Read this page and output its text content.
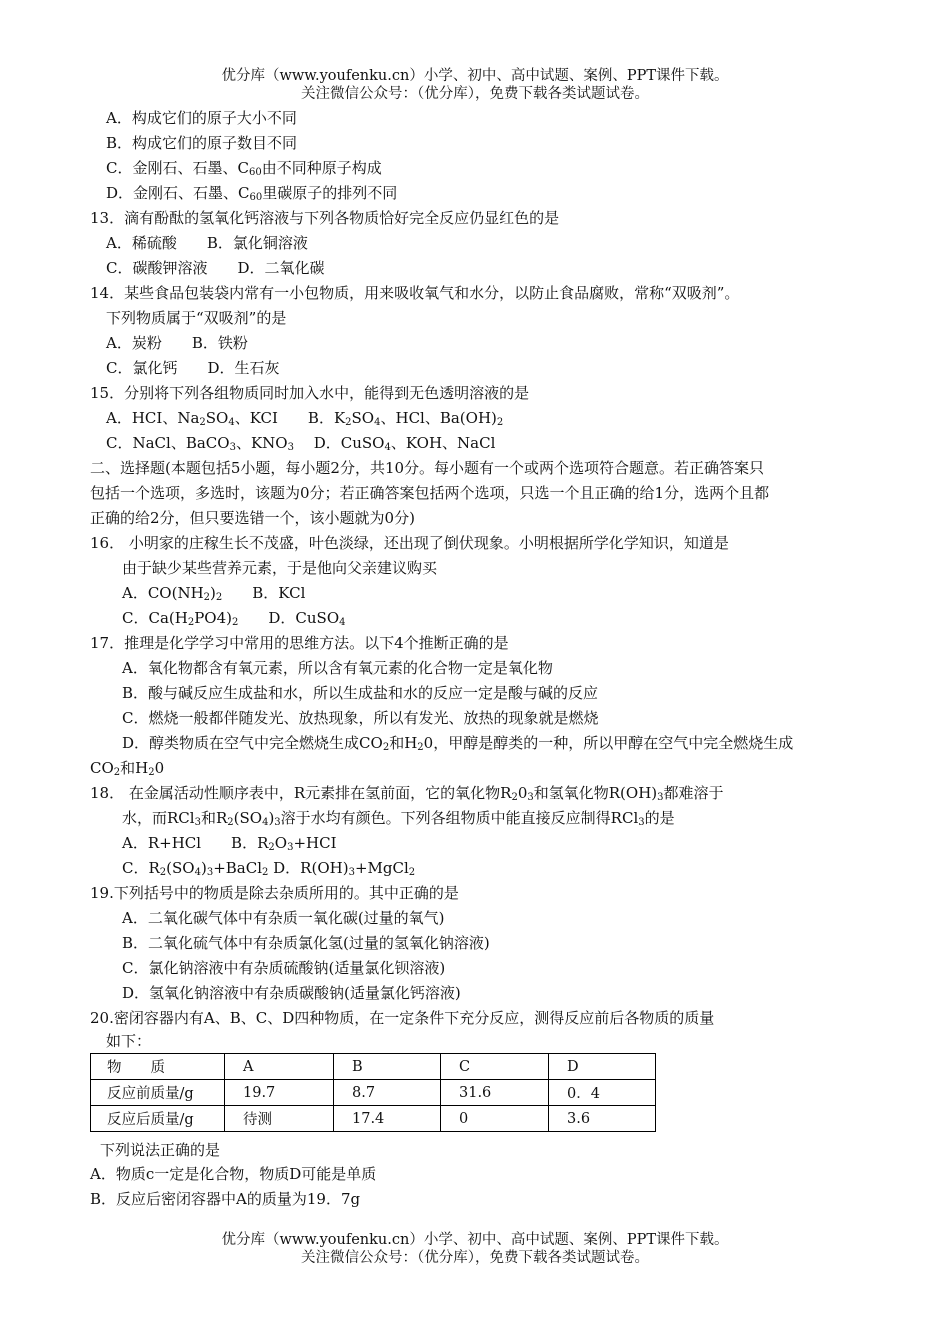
优分库（www.youfenku.cn）小学、初中、高中试题、案例、PPT课件下载。
关注微信公众号：（优分库），免费下载各类试题试卷。
A．构成它们的原子大小不同
B．构成它们的原子数目不同
C．金刚石、石墨、$C_{60}$由不同种原子构成
D．金刚石、石墨、$C_{60}$里碳原子的排列不同
13．滴有酚酞的氢氧化钙溶液与下列各物质恰好完全反应仍显红色的是
A．稀硫酸　　B．氯化铜溶液
C．碳酸钾溶液　　D．二氧化碳
14．某些食品包装袋内常有一小包物质，用来吸收氧气和水分，以防止食品腐败，常称“双吸剂”。
下列物质属于“双吸剂”的是
A．炭粉　　B．铁粉
C．氯化钙　　D．生石灰
15．分别将下列各组物质同时加入水中，能得到无色透明溶液的是
A．HCI、$Na_2SO_4$、KCI　　B．$K_2SO_4$、HCl、$Ba(OH)_2$
C．NaCl、BaCO$_3$、$KNO_3$　 D．CuSO$_4$、KOH、NaCl
二、选择题(本题包括5小题，每小题2分，共10分。每小题有一个或两个选项符合题意。若正确答案只
包括一个选项，多选时，该题为0分；若正确答案包括两个选项，只选一个且正确的给1分，选两个且都
正确的给2分，但只要选错一个，该小题就为0分)
16． 小明家的庄稼生长不茂盛，叶色淡绿，还出现了倒伏现象。小明根据所学化学知识，知道是
由于缺少某些营养元素，于是他向父亲建议购买
A．$CO(NH_2)_2$　　B．KCl
C．$Ca(H_2PO4)_2$　　D．CuSO$_4$
17．推理是化学学习中常用的思维方法。以下4个推断正确的是
A．氧化物都含有氧元素，所以含有氧元素的化合物一定是氧化物
B．酸与碱反应生成盐和水，所以生成盐和水的反应一定是酸与碱的反应
C．燃烧一般都伴随发光、放热现象，所以有发光、放热的现象就是燃烧
D．醇类物质在空气中完全燃烧生成$CO_2$和$H_20$，甲醇是醇类的一种，所以甲醇在空气中完全燃烧生成
$CO_2$和$H_20$
18． 在金属活动性顺序表中，R元素排在氢前面，它的氧化物$R_20_3$和氢氧化物$R(OH)_3$都难溶于
水，而RCl$_3$和$R_2(SO_4)_3$溶于水均有颜色。下列各组物质中能直接反应制得RCl$_3$的是
A．R+HCl　　B．$R_2O_3+HCI$
C．$R_2(SO_4)_3+BaCl_2$ D．$R(OH)_3+MgCl_2$
19.下列括号中的物质是除去杂质所用的。其中正确的是
A．二氧化碳气体中有杂质一氧化碳(过量的氧气)
B．二氧化硫气体中有杂质氯化氢(过量的氢氧化钠溶液)
C．氯化钠溶液中有杂质硫酸钠(适量氯化钡溶液)
D．氢氧化钠溶液中有杂质碳酸钠(适量氯化钙溶液)
20.密闭容器内有A、B、C、D四种物质，在一定条件下充分反应，测得反应前后各物质的质量
如下：
物　　质	A	B	C	D
反应前质量/g	19.7	8.7	31.6	0．4
反应后质量/g	待测	17.4	0	3.6
下列说法正确的是
A．物质c一定是化合物，物质D可能是单质
B．反应后密闭容器中A的质量为19．7g
优分库（www.youfenku.cn）小学、初中、高中试题、案例、PPT课件下载。
关注微信公众号：（优分库），免费下载各类试题试卷。
